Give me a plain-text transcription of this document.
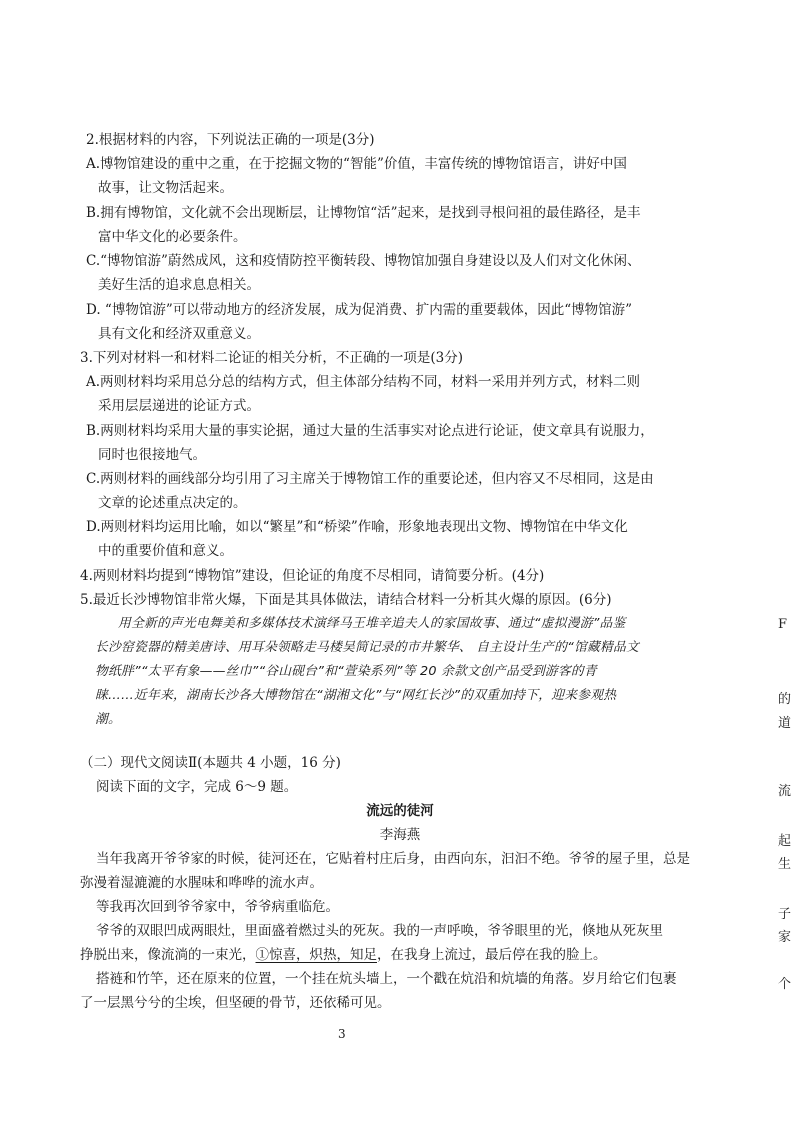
2.根据材料的内容，下列说法正确的一项是(3分)
A.博物馆建设的重中之重，在于挖掘文物的“智能”价值，丰富传统的博物馆语言，讲好中国
故事，让文物活起来。
B.拥有博物馆，文化就不会出现断层，让博物馆“活”起来，是找到寻根问祖的最佳路径，是丰
富中华文化的必要条件。
C.“博物馆游”蔚然成风，这和疫情防控平衡转段、博物馆加强自身建设以及人们对文化休闲、
美好生活的追求息息相关。
D. “博物馆游”可以带动地方的经济发展，成为促消费、扩内需的重要载体，因此“博物馆游”
具有文化和经济双重意义。
3.下列对材料一和材料二论证的相关分析，不正确的一项是(3分)
A.两则材料均采用总分总的结构方式，但主体部分结构不同，材料一采用并列方式，材料二则
采用层层递进的论证方式。
B.两则材料均采用大量的事实论据，通过大量的生活事实对论点进行论证，使文章具有说服力，
同时也很接地气。
C.两则材料的画线部分均引用了习主席关于博物馆工作的重要论述，但内容又不尽相同，这是由
文章的论述重点决定的。
D.两则材料均运用比喻，如以“繁星”和“桥梁”作喻，形象地表现出文物、博物馆在中华文化
中的重要价值和意义。
4.两则材料均提到“博物馆”建设，但论证的角度不尽相同，请简要分析。(4分)
5.最近长沙博物馆非常火爆，下面是其具体做法，请结合材料一分析其火爆的原因。(6分)
用全新的声光电舞美和多媒体技术演绎马王堆辛追夫人的家国故事、通过“虚拟漫游”品鉴
长沙窑瓷器的精美唐诗、用耳朵领略走马楼吴简记录的市井繁华、 自主设计生产的“馆藏精品文
物纸胖”“太平有象——丝巾”“谷山砚台”和“萱染系列”等 20 余款文创产品受到游客的青
睐……近年来，湖南长沙各大博物馆在“湖湘文化”与“网红长沙”的双重加持下，迎来参观热
潮。
（二）现代文阅读Ⅱ(本题共 4 小题，16 分)
阅读下面的文字，完成 6～9 题。
流远的徒河
李海燕
当年我离开爷爷家的时候，徒河还在，它贴着村庄后身，由西向东，汩汩不绝。爷爷的屋子里，总是
弥漫着湿漉漉的水腥味和哗哗的流水声。
等我再次回到爷爷家中，爷爷病重临危。
爷爷的双眼凹成两眼灶，里面盛着燃过头的死灰。我的一声呼唤，爷爷眼里的光，倏地从死灰里
挣脱出来，像流淌的一束光，①惊喜，炽热，知足，在我身上流过，最后停在我的脸上。
搭裢和竹竿，还在原来的位置，一个挂在炕头墙上，一个戳在炕沿和炕墙的角落。岁月给它们包裹
了一层黑兮兮的尘埃，但坚硬的骨节，还依稀可见。
3
F
的
道
流
起
生
子
家
个
